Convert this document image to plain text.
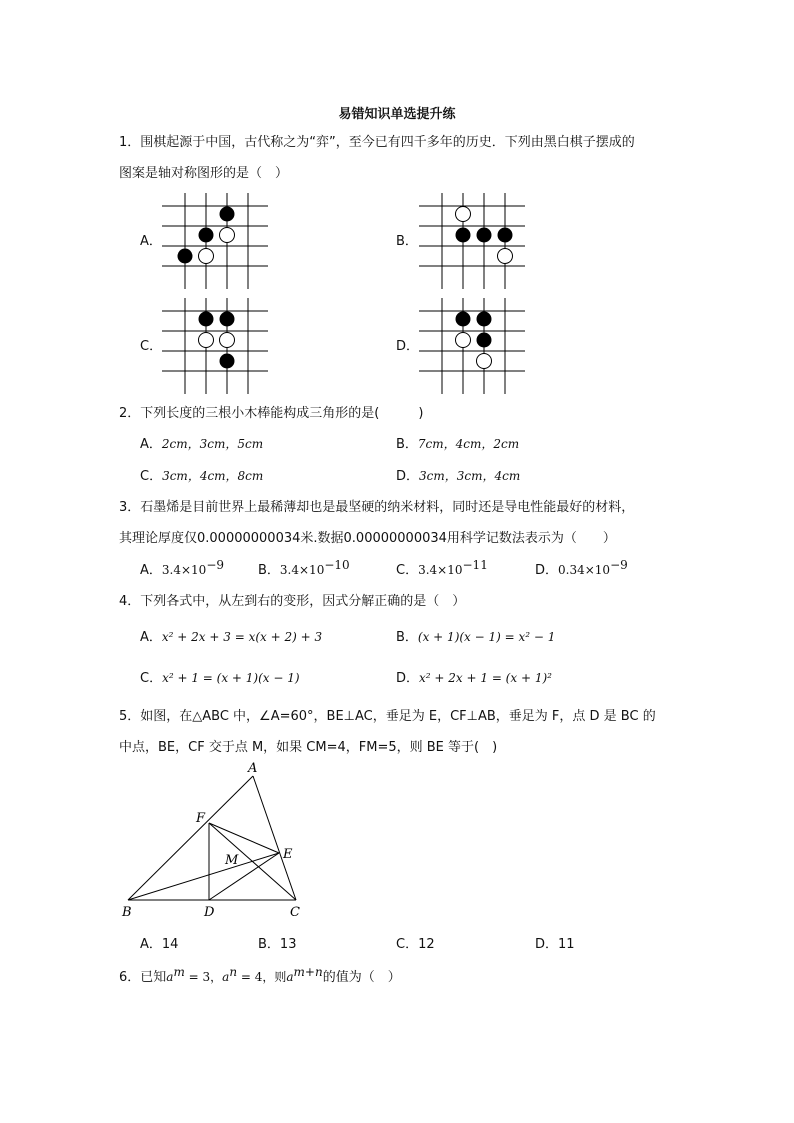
易错知识单选提升练
1．围棋起源于中国，古代称之为“弈”，至今已有四千多年的历史．下列由黑白棋子摆成的
图案是轴对称图形的是（　）
A．	B．
C．	D．
2．下列长度的三根小木棒能构成三角形的是(　　　)
A．2cm，3cm，5cm	B．7cm，4cm，2cm
C．3cm，4cm，8cm	D．3cm，3cm，4cm
3．石墨烯是目前世界上最稀薄却也是最坚硬的纳米材料，同时还是导电性能最好的材料，
其理论厚度仅0.00000000034米.数据0.00000000034用科学记数法表示为（　　）
A．$3.4\times 10^{-9}$	B．$3.4\times 10^{-10}$	C．$3.4\times 10^{-11}$	D．$0.34\times 10^{-9}$
4．下列各式中，从左到右的变形，因式分解正确的是（　）
A．x² + 2x + 3 = x(x + 2) + 3	B．(x + 1)(x − 1) = x² − 1
C．x² + 1 = (x + 1)(x − 1)	D．x² + 2x + 1 = (x + 1)²
5．如图，在△ABC 中，∠A=60°，BE⊥AC，垂足为 E，CF⊥AB，垂足为 F，点 D 是 BC 的
中点，BE，CF 交于点 M，如果 CM=4，FM=5，则 BE 等于(　)
A
B	C
D
E
F
M
A．14	B．13	C．12	D．11
6．已知$a^m = 3$，$a^n = 4$，则$a^{m+n}$的值为（　）
